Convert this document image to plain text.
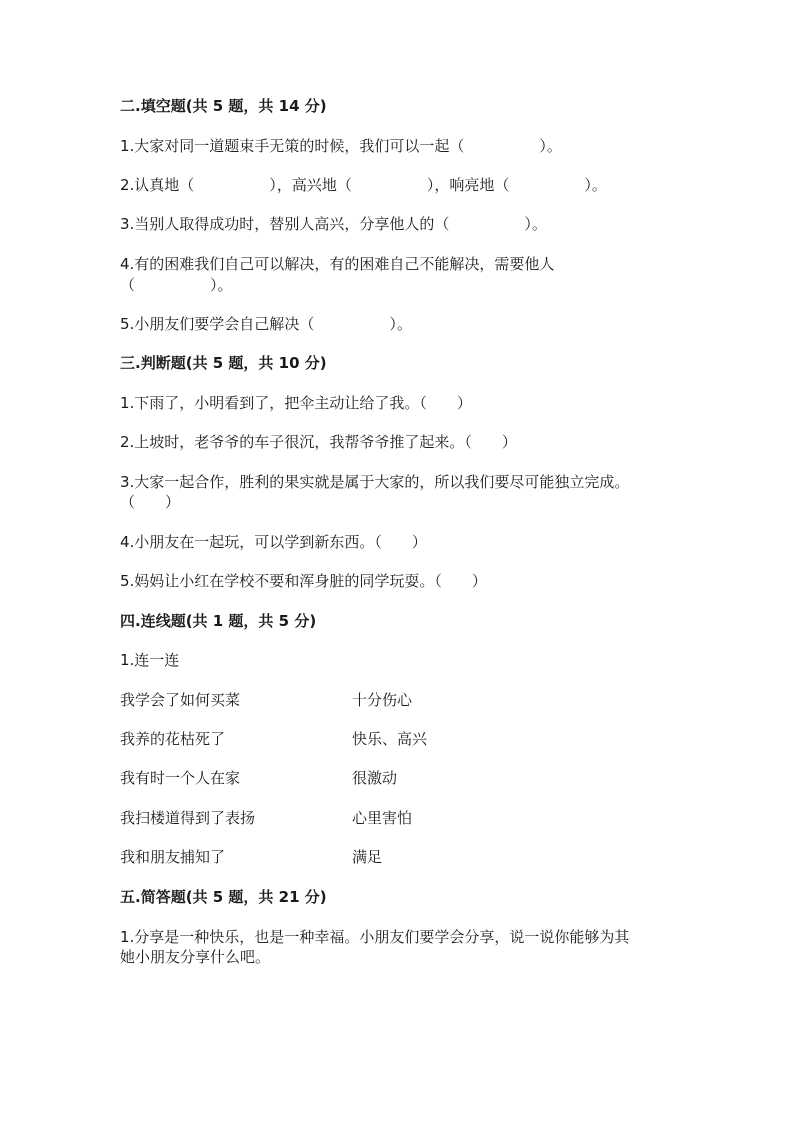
二.填空题(共 5 题，共 14 分)
1.大家对同一道题束手无策的时候，我们可以一起（　　　　　）。
2.认真地（　　　　　），高兴地（　　　　　），响亮地（　　　　　）。
3.当别人取得成功时，替别人高兴，分享他人的（　　　　　）。
4.有的困难我们自己可以解决，有的困难自己不能解决，需要他人
（　　　　　）。
5.小朋友们要学会自己解决（　　　　　）。
三.判断题(共 5 题，共 10 分)
1.下雨了，小明看到了，把伞主动让给了我。（　　）
2.上坡时，老爷爷的车子很沉，我帮爷爷推了起来。（　　）
3.大家一起合作，胜利的果实就是属于大家的，所以我们要尽可能独立完成。
（　　）
4.小朋友在一起玩，可以学到新东西。（　　）
5.妈妈让小红在学校不要和浑身脏的同学玩耍。（　　）
四.连线题(共 1 题，共 5 分)
1.连一连
我学会了如何买菜	十分伤心
我养的花枯死了	快乐、高兴
我有时一个人在家	很激动
我扫楼道得到了表扬	心里害怕
我和朋友捕知了	满足
五.简答题(共 5 题，共 21 分)
1.分享是一种快乐，也是一种幸福。小朋友们要学会分享，说一说你能够为其
她小朋友分享什么吧。
